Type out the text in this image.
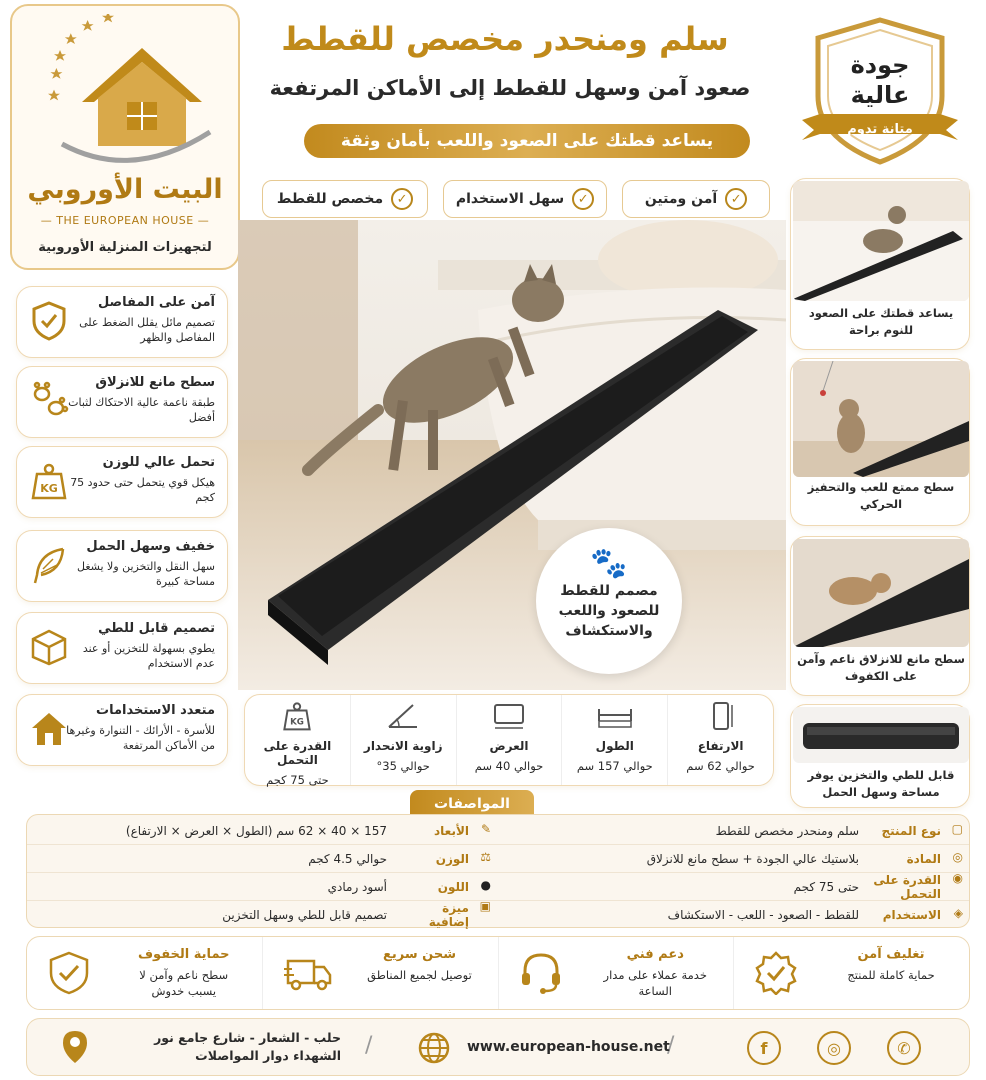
البيت الأوروبي
— THE EUROPEAN HOUSE —
لتجهيزات المنزلية الأوروبية
سلم ومنحدر مخصص للقطط
صعود آمن وسهل للقطط إلى الأماكن المرتفعة
يساعد قطتك على الصعود واللعب بأمان وثقة
جودة عالية
متانة تدوم
✓
آمن ومتين
✓
سهل الاستخدام
✓
مخصص للقطط
🐾
مصمم للقطط للصعود واللعب والاستكشاف
آمن على المفاصل
تصميم مائل يقلل الضغط على المفاصل والظهر
سطح مانع للانزلاق
طبقة ناعمة عالية الاحتكاك لثبات أفضل
KG
تحمل عالي للوزن
هيكل قوي يتحمل حتى حدود 75 كجم
خفيف وسهل الحمل
سهل النقل والتخزين ولا يشغل مساحة كبيرة
تصميم قابل للطي
يطوي بسهولة للتخزين أو عند عدم الاستخدام
متعدد الاستخدامات
للأسرة - الأرائك - التنوارة وغيرها من الأماكن المرتفعة
يساعد قطتك على الصعود للنوم براحة
سطح ممتع للعب والتحفيز الحركي
سطح مانع للانزلاق ناعم وآمن على الكفوف
قابل للطي والتخزين يوفر مساحة وسهل الحمل
الارتفاع
حوالي 62 سم
الطول
حوالي 157 سم
العرض
حوالي 40 سم
زاوية الانحدار
حوالي 35°
KG
القدرة على التحمل
حتى 75 كجم
المواصفات
▢
نوع المنتج
سلم ومنحدر مخصص للقطط
◎
المادة
بلاستيك عالي الجودة + سطح مانع للانزلاق
◉
القدرة على التحمل
حتى 75 كجم
◈
الاستخدام
للقطط - الصعود - اللعب - الاستكشاف
✎
الأبعاد
157 × 40 × 62 سم (الطول × العرض × الارتفاع)
⚖
الوزن
حوالي 4.5 كجم
●
اللون
أسود رمادي
▣
ميزة إضافية
تصميم قابل للطي وسهل التخزين
تغليف آمن
حماية كاملة للمنتج
دعم فني
خدمة عملاء على مدار الساعة
شحن سريع
توصيل لجميع المناطق
حماية الخفوف
سطح ناعم وآمن لا يسبب خدوش
✆
◎
f
/
www.european-house.net
/
حلب - الشعار - شارع جامع نور الشهداء دوار المواصلات
